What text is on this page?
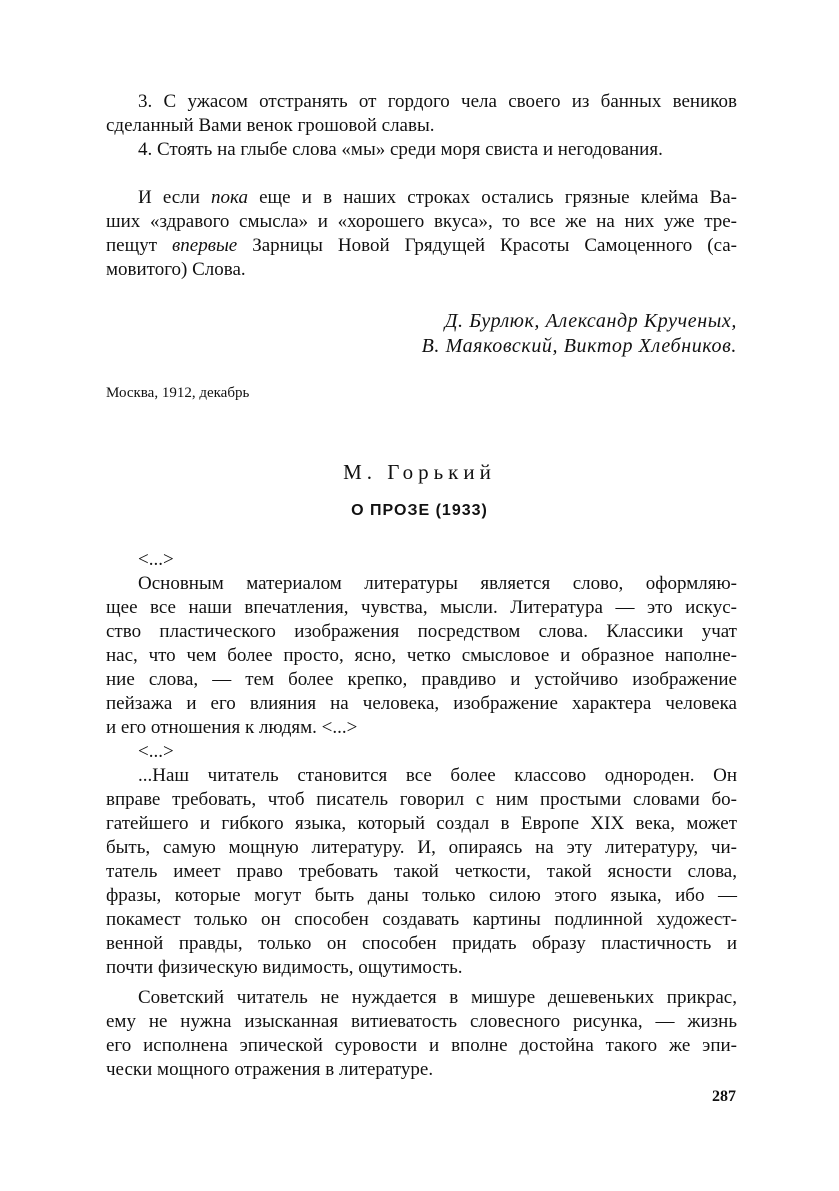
3. С ужасом отстранять от гордого чела своего из банных веников
сделанный Вами венок грошовой славы.
4. Стоять на глыбе слова «мы» среди моря свиста и негодования.
И если пока еще и в наших строках остались грязные клейма Ва-
ших «здравого смысла» и «хорошего вкуса», то все же на них уже тре-
пещут впервые Зарницы Новой Грядущей Красоты Самоценного (са-
мовитого) Слова.
Д. Бурлюк, Александр Крученых,
В. Маяковский, Виктор Хлебников.
Москва, 1912, декабрь
М. Горький
О ПРОЗЕ (1933)
<...>
Основным материалом литературы является слово, оформляю-
щее все наши впечатления, чувства, мысли. Литература — это искус-
ство пластического изображения посредством слова. Классики учат
нас, что чем более просто, ясно, четко смысловое и образное наполне-
ние слова, — тем более крепко, правдиво и устойчиво изображение
пейзажа и его влияния на человека, изображение характера человека
и его отношения к людям. <...>
<...>
...Наш читатель становится все более классово однороден. Он
вправе требовать, чтоб писатель говорил с ним простыми словами бо-
гатейшего и гибкого языка, который создал в Европе XIX века, может
быть, самую мощную литературу. И, опираясь на эту литературу, чи-
татель имеет право требовать такой четкости, такой ясности слова,
фразы, которые могут быть даны только силою этого языка, ибо —
покамест только он способен создавать картины подлинной художест-
венной правды, только он способен придать образу пластичность и
почти физическую видимость, ощутимость.
Советский читатель не нуждается в мишуре дешевеньких прикрас,
ему не нужна изысканная витиеватость словесного рисунка, — жизнь
его исполнена эпической суровости и вполне достойна такого же эпи-
чески мощного отражения в литературе.
287
